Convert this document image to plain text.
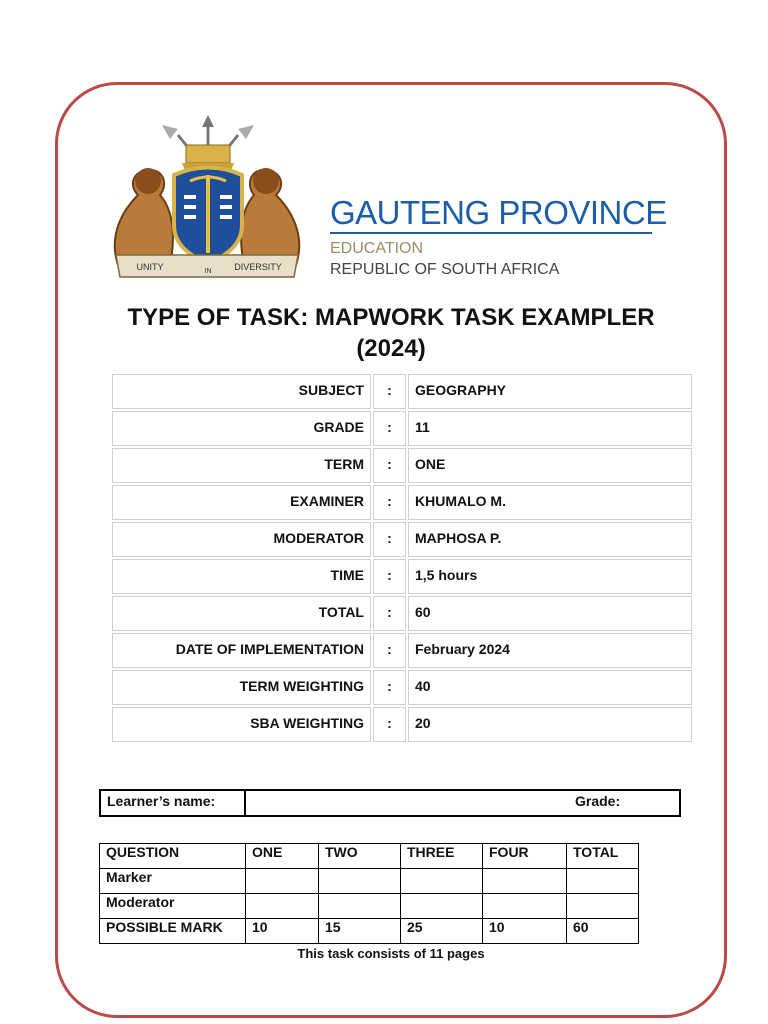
UNITY	IN	DIVERSITY
GAUTENG PROVINCE
EDUCATION
REPUBLIC OF SOUTH AFRICA
TYPE OF TASK: MAPWORK TASK EXAMPLER
(2024)
SUBJECT	:	GEOGRAPHY
GRADE	:	11
TERM	:	ONE
EXAMINER	:	KHUMALO M.
MODERATOR	:	MAPHOSA P.
TIME	:	1,5 hours
TOTAL	:	60
DATE OF IMPLEMENTATION	:	February 2024
TERM WEIGHTING	:	40
SBA WEIGHTING	:	20
Learner’s name:	Grade:
QUESTION	ONE	TWO	THREE	FOUR	TOTAL
Marker					
Moderator					
POSSIBLE MARK	10	15	25	10	60
This task consists of 11 pages
